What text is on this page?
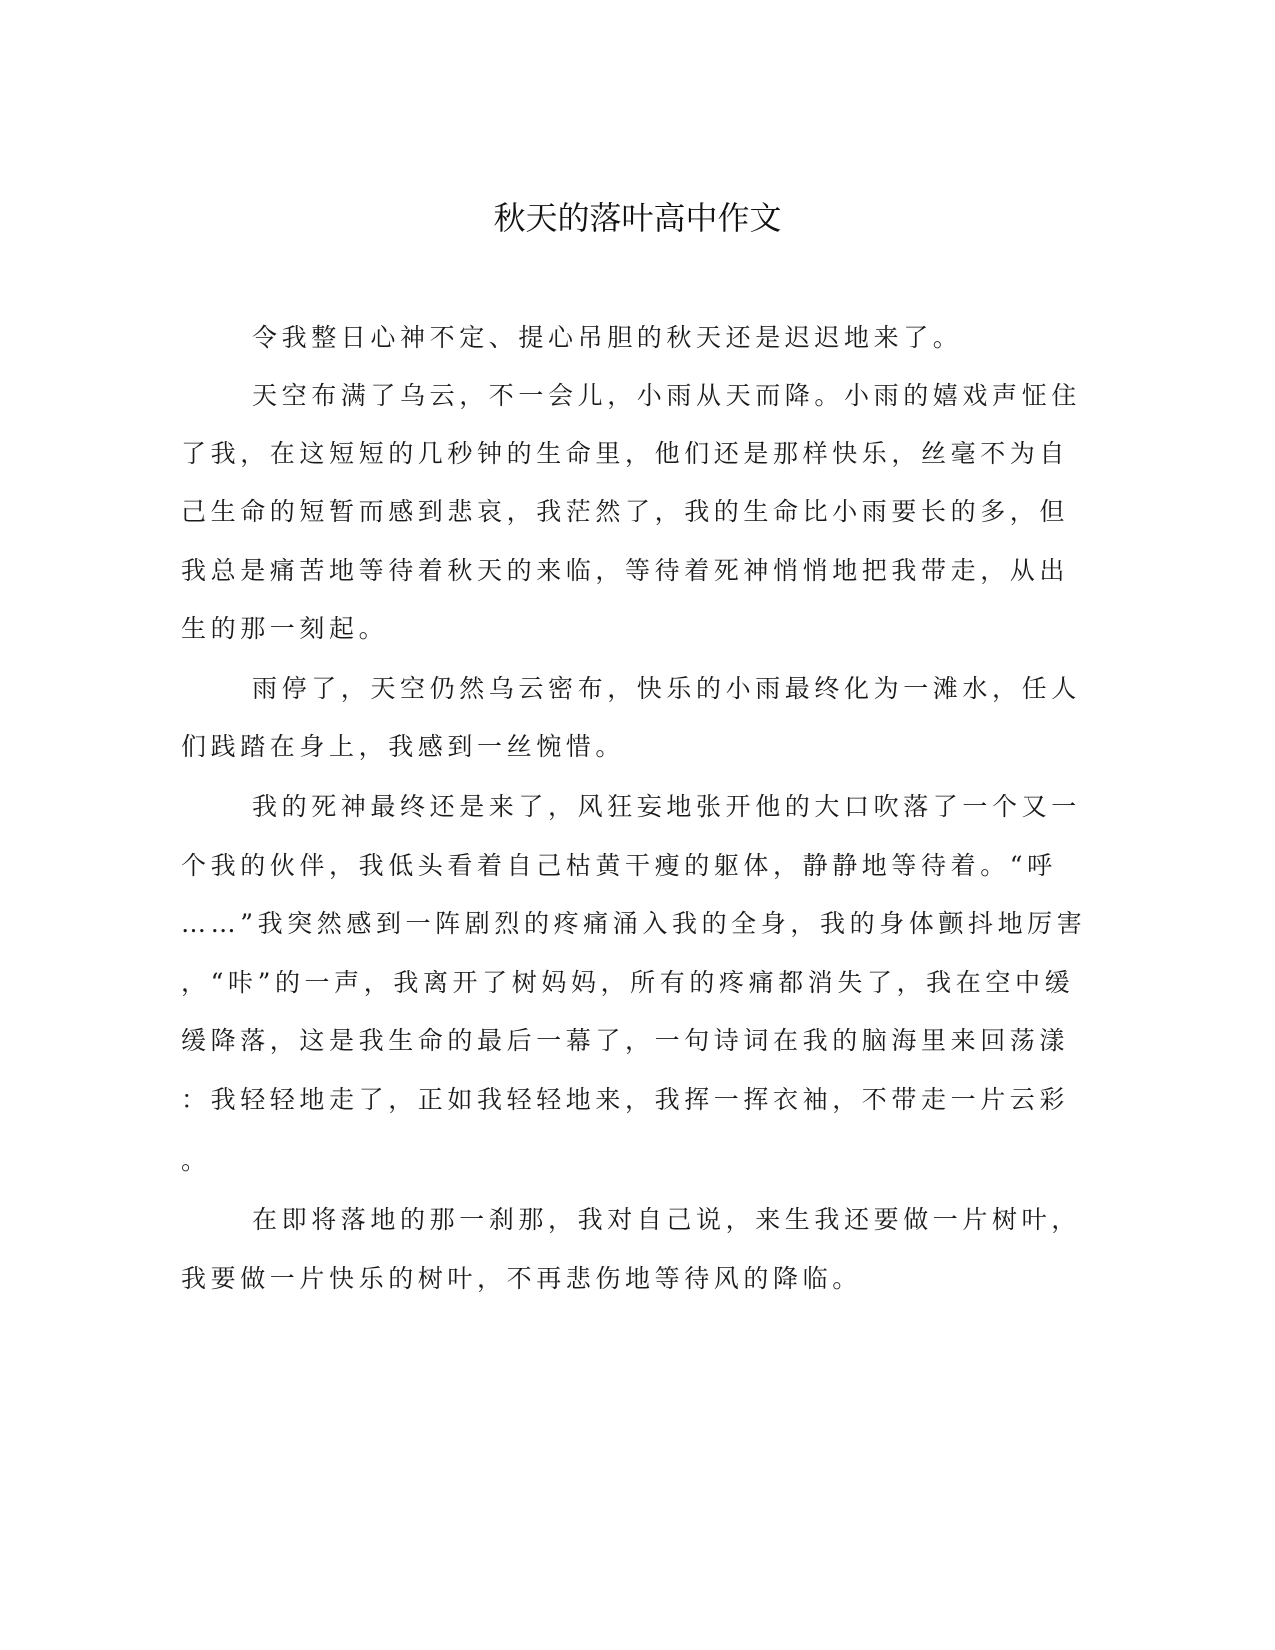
秋天的落叶高中作文

令我整日心神不定、提心吊胆的秋天还是迟迟地来了。

天空布满了乌云，不一会儿，小雨从天而降。小雨的嬉戏声怔住

了我，在这短短的几秒钟的生命里，他们还是那样快乐，丝毫不为自

己生命的短暂而感到悲哀，我茫然了，我的生命比小雨要长的多，但

我总是痛苦地等待着秋天的来临，等待着死神悄悄地把我带走，从出

生的那一刻起。

雨停了，天空仍然乌云密布，快乐的小雨最终化为一滩水，任人

们践踏在身上，我感到一丝惋惜。

我的死神最终还是来了，风狂妄地张开他的大口吹落了一个又一

个我的伙伴，我低头看着自己枯黄干瘦的躯体，静静地等待着。“呼

……”我突然感到一阵剧烈的疼痛涌入我的全身，我的身体颤抖地厉害

，“咔”的一声，我离开了树妈妈，所有的疼痛都消失了，我在空中缓

缓降落，这是我生命的最后一幕了，一句诗词在我的脑海里来回荡漾

：我轻轻地走了，正如我轻轻地来，我挥一挥衣袖，不带走一片云彩

。

在即将落地的那一刹那，我对自己说，来生我还要做一片树叶，

我要做一片快乐的树叶，不再悲伤地等待风的降临。
